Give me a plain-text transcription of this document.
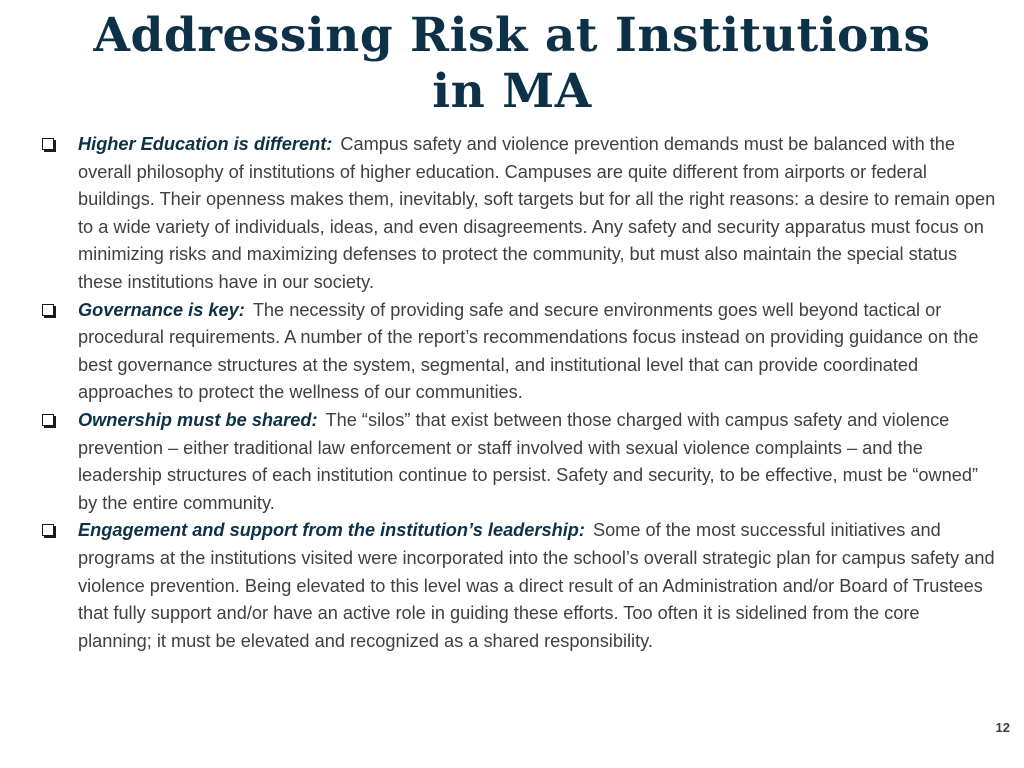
Addressing Risk at Institutions in MA
Higher Education is different: Campus safety and violence prevention demands must be balanced with the overall philosophy of institutions of higher education. Campuses are quite different from airports or federal buildings. Their openness makes them, inevitably, soft targets but for all the right reasons: a desire to remain open to a wide variety of individuals, ideas, and even disagreements. Any safety and security apparatus must focus on minimizing risks and maximizing defenses to protect the community, but must also maintain the special status these institutions have in our society.
Governance is key: The necessity of providing safe and secure environments goes well beyond tactical or procedural requirements. A number of the report’s recommendations focus instead on providing guidance on the best governance structures at the system, segmental, and institutional level that can provide coordinated approaches to protect the wellness of our communities.
Ownership must be shared: The “silos” that exist between those charged with campus safety and violence prevention – either traditional law enforcement or staff involved with sexual violence complaints – and the leadership structures of each institution continue to persist. Safety and security, to be effective, must be “owned” by the entire community.
Engagement and support from the institution’s leadership: Some of the most successful initiatives and programs at the institutions visited were incorporated into the school’s overall strategic plan for campus safety and violence prevention. Being elevated to this level was a direct result of an Administration and/or Board of Trustees that fully support and/or have an active role in guiding these efforts. Too often it is sidelined from the core planning; it must be elevated and recognized as a shared responsibility.
12
